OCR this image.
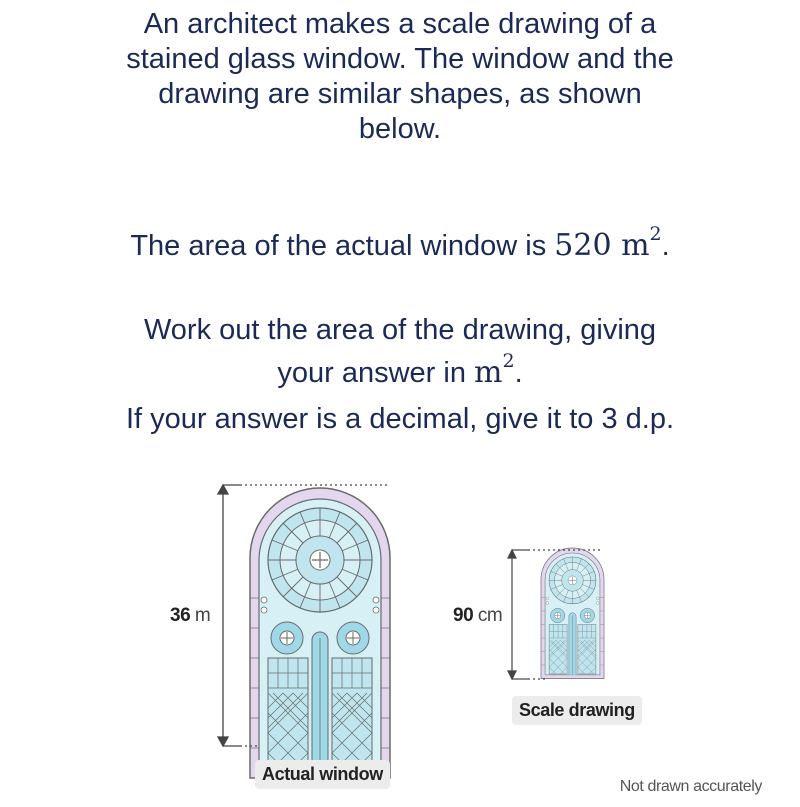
An architect makes a scale drawing of a

stained glass window. The window and the

drawing are similar shapes, as shown

below.

The area of the actual window is 520 $m^2$.

Work out the area of the drawing, giving

your answer in $m^2$.

If your answer is a decimal, give it to 3 d.p.

36 m	90 cm
Actual window
Scale drawing
Not drawn accurately
